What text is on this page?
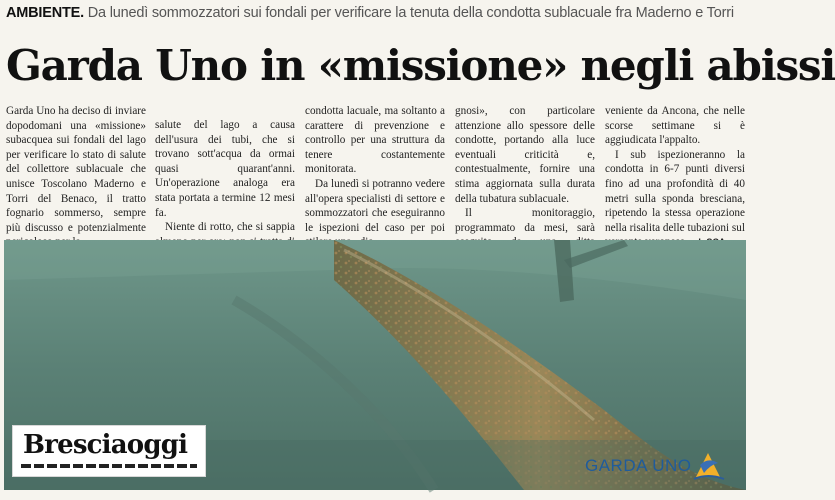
AMBIENTE. Da lunedì sommozzatori sui fondali per verificare la tenuta della condotta sublacuale fra Maderno e Torri
Garda Uno in «missione» negli abissi

Garda Uno ha deciso di inviare dopodomani una «missione» subacquea sui fondali del lago per verificare lo stato di salute del collettore sublacuale che unisce Toscolano Maderno e Torri del Benaco, il tratto fognario sommerso, sempre più discusso e potenzialmente

salute del lago a causa dell'usura dei tubi, che si trovano sott'acqua da ormai quasi quarant'anni. Un'operazione analoga era stata portata a termine 12 mesi fa.

Niente di rotto, che si sappia

condotta lacuale, ma soltanto a carattere di prevenzione e controllo per una struttura da tenere costantemente monitorata.

Da lunedì si potranno vedere all'opera specialisti di settore e sommozzatori che eseguiranno le ispezioni del caso per poi

gnosi», con particolare attenzione allo spessore delle condotte, portando alla luce eventuali criticità e, contestualmente, fornire una stima aggiornata sulla durata della tubatura sublacuale.

Il monitoraggio, programmato da mesi, sarà

veniente da Ancona, che nelle scorse settimane si è aggiudicata l'appalto.

I sub ispezioneranno la condotta in 6-7 punti diversi fino ad una profondità di 40 metri sulla sponda bresciana, ripetendo la stessa operazione nella risalita delle tubazioni sul

Bresciaoggi
GARDA UNO
